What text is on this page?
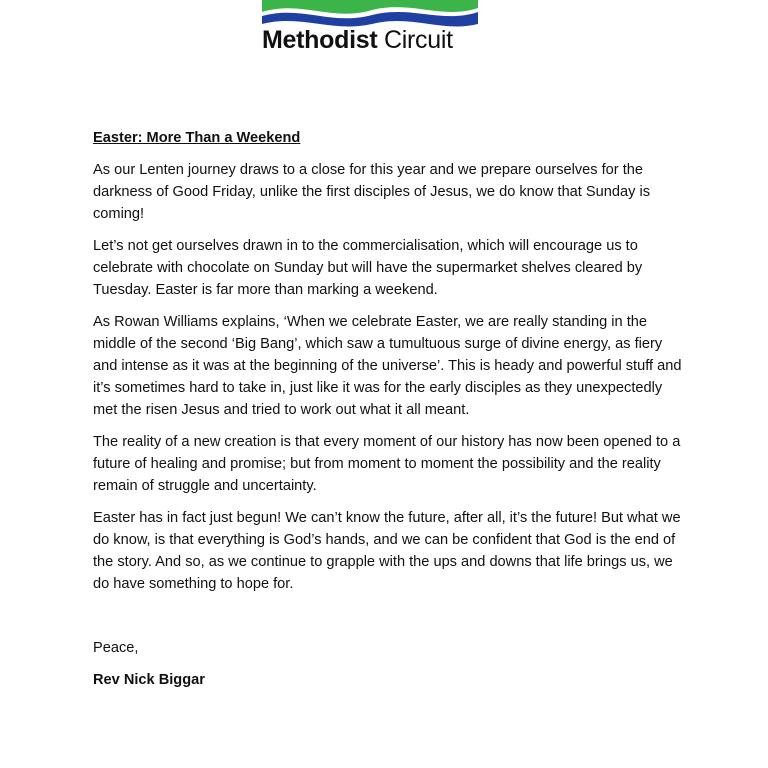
Methodist Circuit
Easter: More Than a Weekend

As our Lenten journey draws to a close for this year and we prepare ourselves for the darkness of Good Friday, unlike the first disciples of Jesus, we do know that Sunday is coming!

Let’s not get ourselves drawn in to the commercialisation, which will encourage us to celebrate with chocolate on Sunday but will have the supermarket shelves cleared by Tuesday. Easter is far more than marking a weekend.

As Rowan Williams explains, ‘When we celebrate Easter, we are really standing in the middle of the second ‘Big Bang’, which saw a tumultuous surge of divine energy, as fiery and intense as it was at the beginning of the universe’. This is heady and powerful stuff and it’s sometimes hard to take in, just like it was for the early disciples as they unexpectedly met the risen Jesus and tried to work out what it all meant.

The reality of a new creation is that every moment of our history has now been opened to a future of healing and promise; but from moment to moment the possibility and the reality remain of struggle and uncertainty.

Easter has in fact just begun! We can’t know the future, after all, it’s the future! But what we do know, is that everything is God’s hands, and we can be confident that God is the end of the story. And so, as we continue to grapple with the ups and downs that life brings us, we do have something to hope for.

Peace,

Rev Nick Biggar
